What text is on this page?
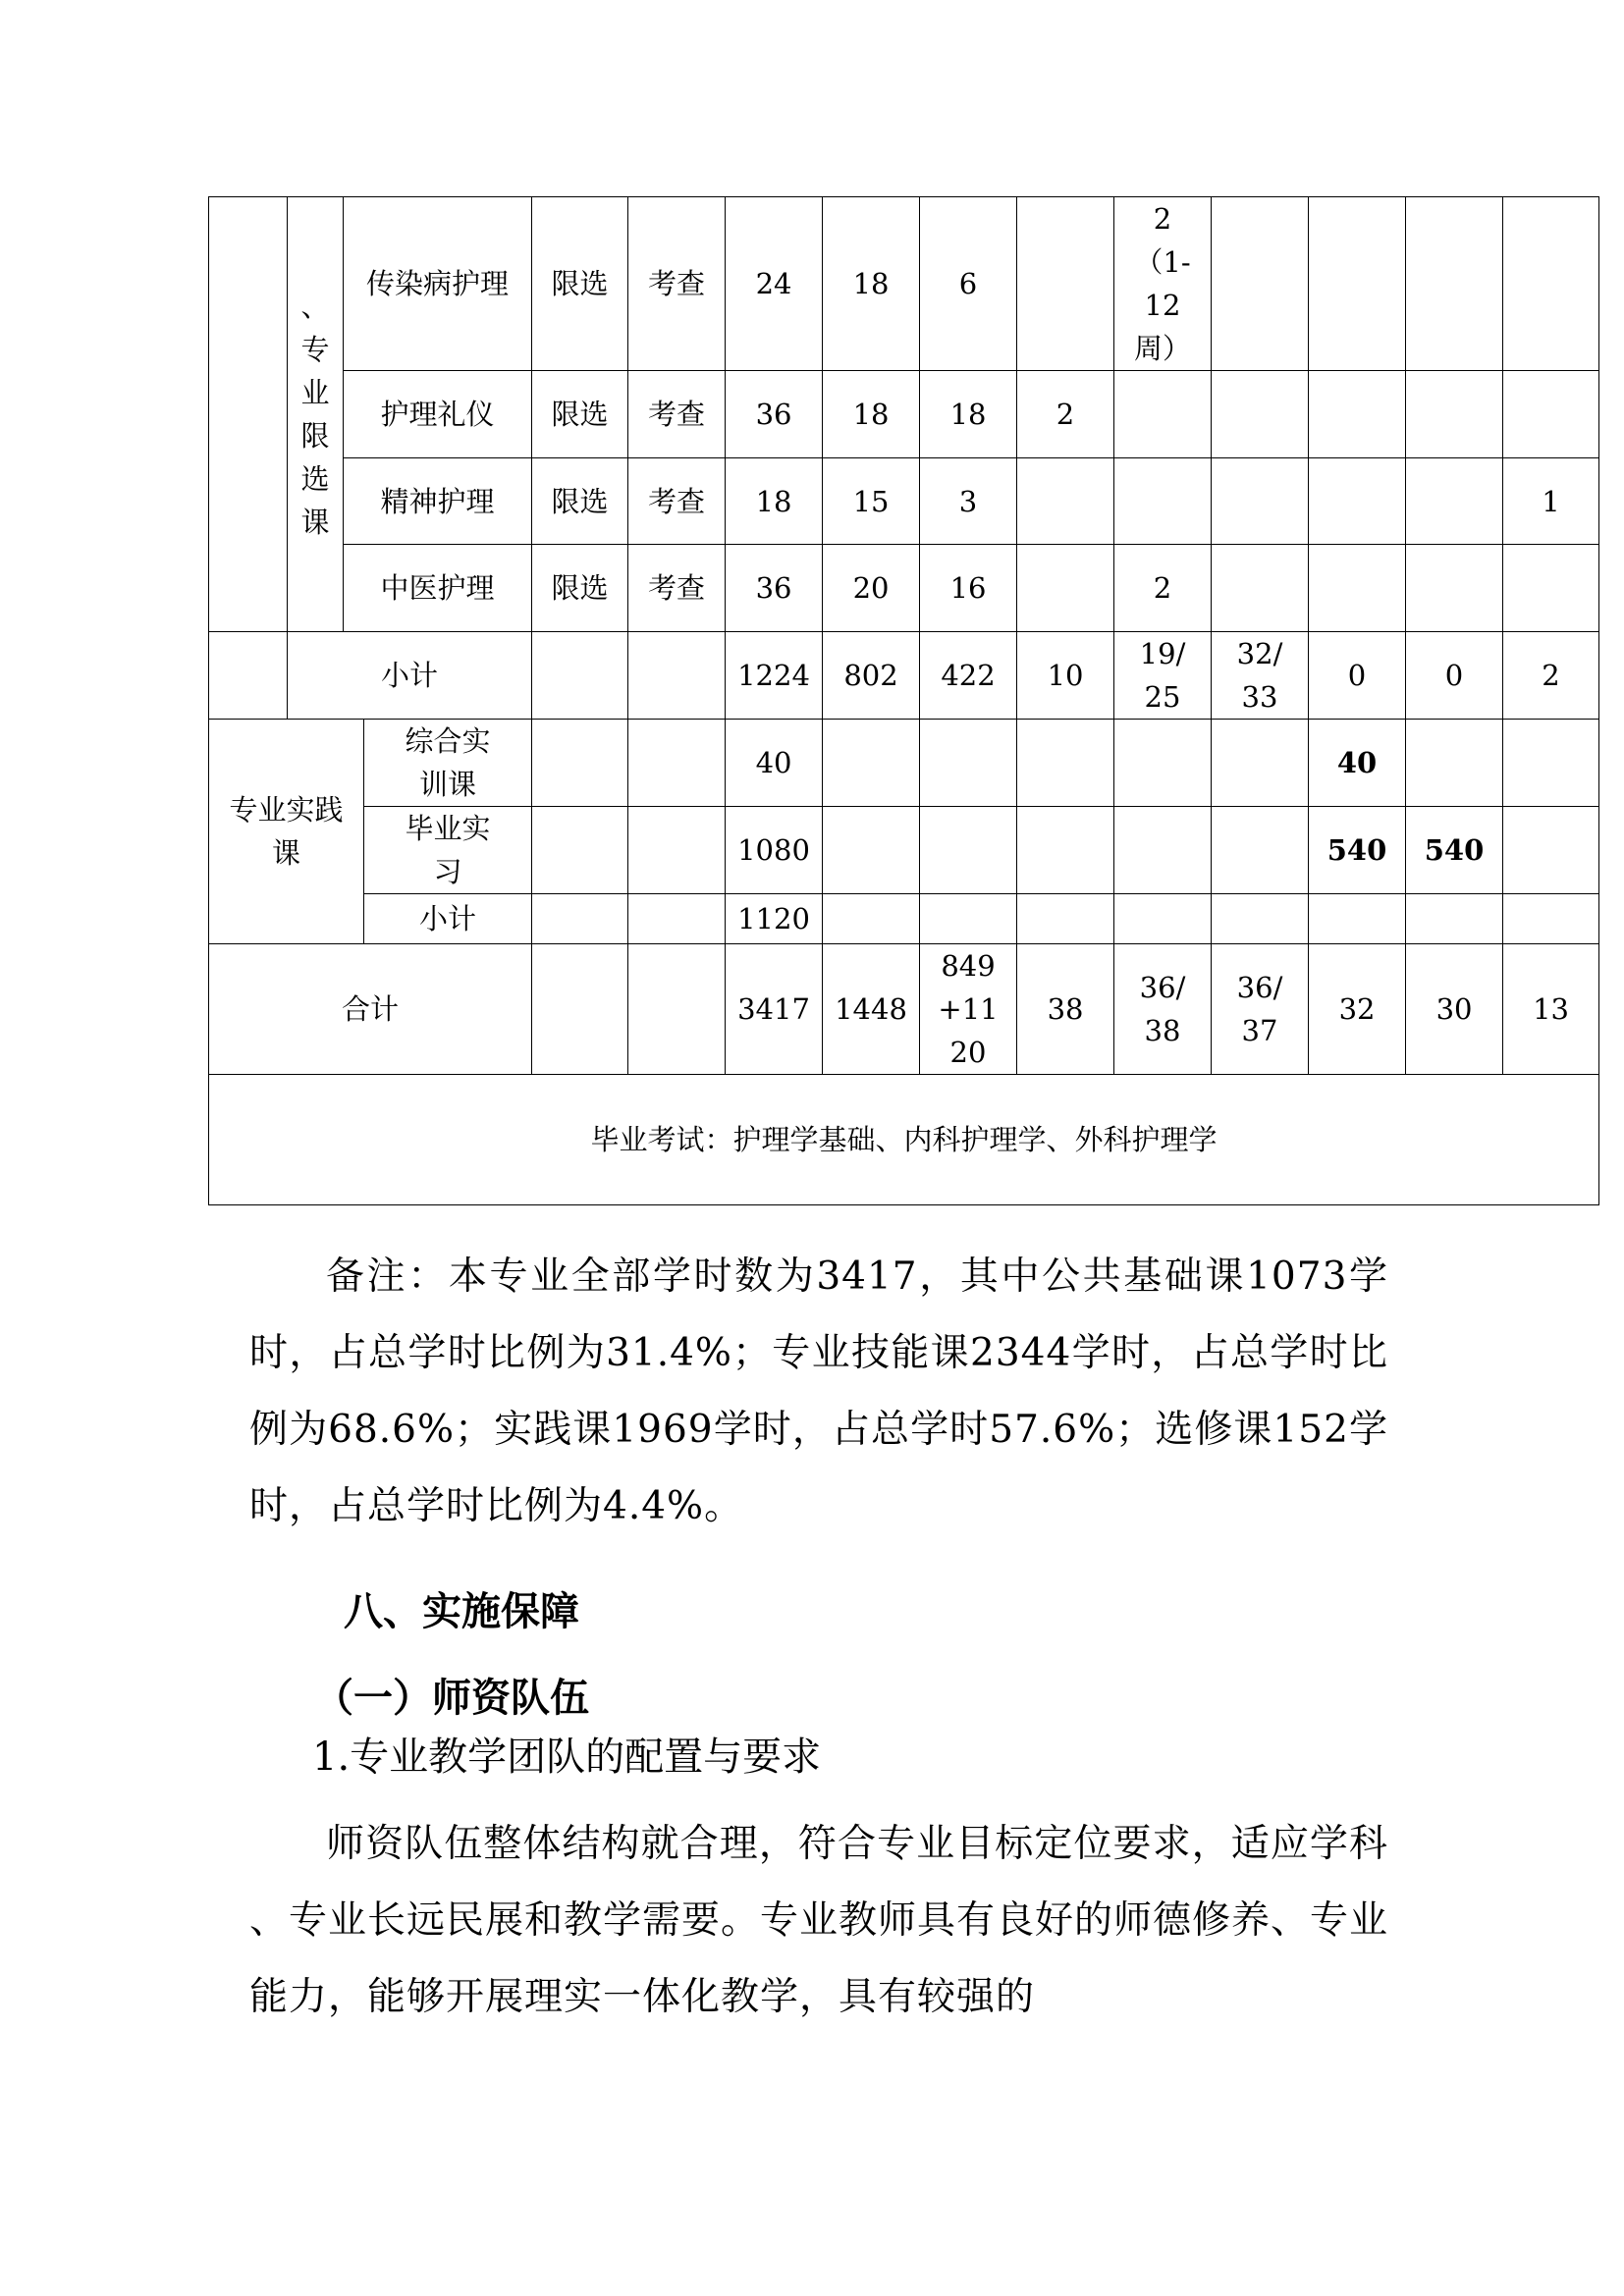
	、专业限选课	传染病护理		限选	考查	24	18	6		2（1-12周）				
		护理礼仪		限选	考查	36	18	18	2					
		精神护理		限选	考查	18	15	3						1
		中医护理		限选	考查	36	20	16		2				
	小计					1224	802	422	10	19/25	32/33	0	0	2
专业实践课			综合实训课			40						40		
			毕业实习			1080						540	540	
			小计			1120								
合计						3417	1448	849+1120	38	36/38	36/37	32	30	13
毕业考试：护理学基础、内科护理学、外科护理学														
备注：本专业全部学时数为3417，其中公共基础课1073学时，占总学时比例为31.4%；专业技能课2344学时，占总学时比例为68.6%；实践课1969学时，占总学时57.6%；选修课152学时，占总学时比例为4.4%。
八、实施保障
（一）师资队伍
1.专业教学团队的配置与要求
师资队伍整体结构就合理，符合专业目标定位要求，适应学科 、专业长远民展和教学需要。专业教师具有良好的师德修养、专业能力，能够开展理实一体化教学，具有较强的
